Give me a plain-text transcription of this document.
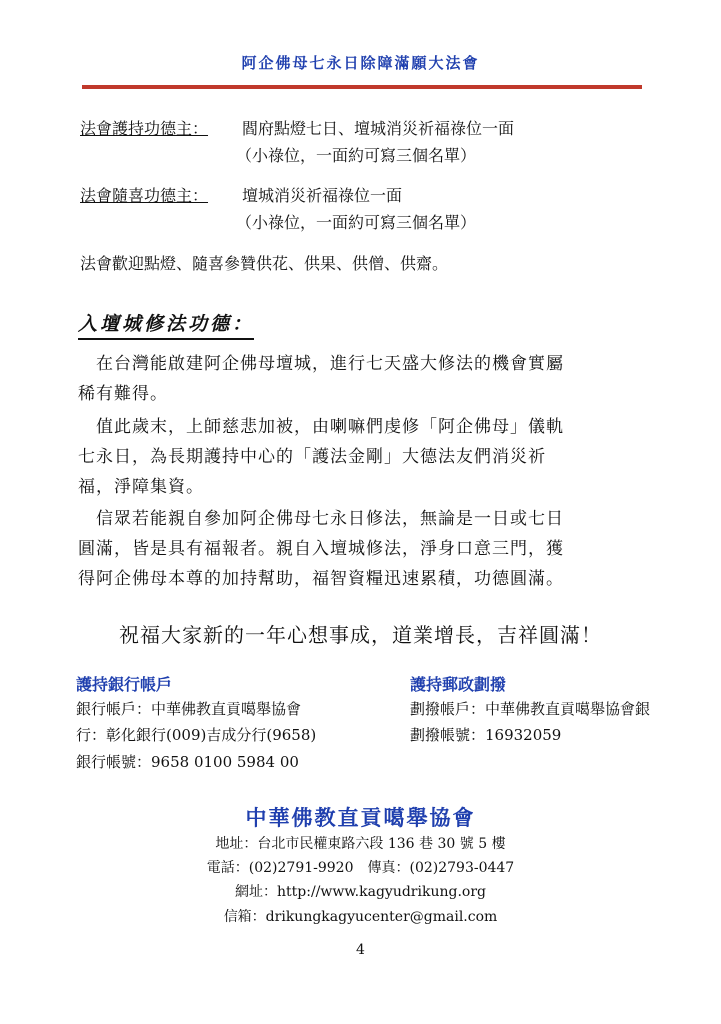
阿企佛母七永日除障滿願大法會
法會護持功德主： 閻府點燈七日、壇城消災祈福祿位一面
（小祿位，一面約可寫三個名單）
法會隨喜功德主： 壇城消災祈福祿位一面
（小祿位，一面約可寫三個名單）
法會歡迎點燈、隨喜參贊供花、供果、供僧、供齋。
入壇城修法功德：
　在台灣能啟建阿企佛母壇城，進行七天盛大修法的機會實屬
稀有難得。
　值此歲末，上師慈悲加被，由喇嘛們虔修「阿企佛母」儀軌
七永日，為長期護持中心的「護法金剛」大德法友們消災祈
福，淨障集資。
　信眾若能親自參加阿企佛母七永日修法，無論是一日或七日
圓滿，皆是具有福報者。親自入壇城修法，淨身口意三門，獲
得阿企佛母本尊的加持幫助，福智資糧迅速累積，功德圓滿。
祝福大家新的一年心想事成，道業增長，吉祥圓滿！
護持銀行帳戶
銀行帳戶：中華佛教直貢噶舉協會
行：彰化銀行(009)吉成分行(9658)
銀行帳號：9658 0100 5984 00
護持郵政劃撥
劃撥帳戶：中華佛教直貢噶舉協會銀
劃撥帳號：16932059
中華佛教直貢噶舉協會
地址：台北市民權東路六段 136 巷 30 號 5 樓
電話：(02)2791-9920　傳真：(02)2793-0447
網址：http://www.kagyudrikung.org
信箱：drikungkagyucenter@gmail.com
4
